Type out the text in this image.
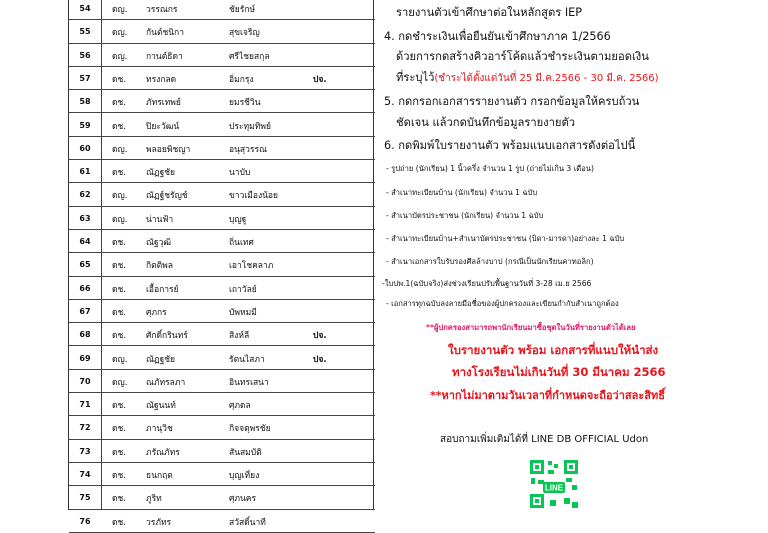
54	ดญ. วรรณกร	ชัยรักษ์
55	ดญ. กันต์ชนิกา	สุขเจริญ
56	ดญ. กานต์ธิดา	ศรีไชยสกุล
57	ดช. ทรงกลด	อิ่มกรุง	ปจ.
58	ดช. ภัทรเทพย์	ยมรชีวิน
59	ดช. ปิยะวัฒน์	ประทุมทิพย์
60	ดญ. พลอยพิชญา	อนุสุวรรณ
61	ดช. ณัฏฐชัย	นาบับ
62	ดญ. ณัฏฐ์ชรัญช์	ขาวเมืองน้อย
63	ดญ. น่านฟ้า	บุญฐู
64	ดช. ณัฐวุฒิ	ถิ่นเทศ
65	ดช. กิตติพล	เอาโชคลาภ
66	ดช. เอื้อการย์	เถาวัลย์
67	ดช. ศุภกร	บัพหมมี
68	ดช. ศักดิ์กรินทร์	สิงห์ลี	ปจ.
69	ดญ. ณัฏฐชัย	รัตนไสภา	ปจ.
70	ดญ. ณภัทรลภา	อินทรเสนา
71	ดช. ณัฐนนท์	ศุภดล
72	ดช. ภานุวิช	กิจจตุพรชัย
73	ดช. ภรัณภัทร	สันสมบัติ
74	ดช. ธนกฤต	บุญเที่ยง
75	ดช. ภูริท	ศุภนคร
76	ดช. วรภัทร	สวัสดิ์นาที
รายงานตัวเข้าศึกษาต่อในหลักสูตร IEP
4. กดชำระเงินเพื่อยืนยันเข้าศึกษาภาค 1/2566
ด้วยการกดสร้างคิวอาร์โค้ดแล้วชำระเงินตามยอดเงิน
ที่ระบุไว้(ชำระได้ตั้งแต่วันที่ 25 มี.ค.2566 - 30 มี.ค. 2566)
5. กดกรอกเอกสารรายงานตัว กรอกข้อมูลให้ครบถ้วน
ชัดเจน แล้วกดบันทึกข้อมูลรายงายตัว
6. กดพิมพ์ใบรายงานตัว พร้อมแนบเอกสารดังต่อไปนี้
- รูปถ่าย (นักเรียน) 1 นิ้วครึ่ง จำนวน 1 รูป (ถ่ายไม่เกิน 3 เดือน)
- สำเนาทะเบียนบ้าน (นักเรียน) จำนวน 1 ฉบับ
- สำเนาบัตรประชาชน (นักเรียน) จำนวน 1 ฉบับ
- สำเนาทะเบียนบ้าน+สำเนาบัตรประชาชน (บิดา-มารดา)อย่างละ 1 ฉบับ
- สำเนาเอกสารใบรับรองศีลล้างบาป (กรณีเป็นนักเรียนคาทอลิก)
-ใบปพ.1(ฉบับจริง)ส่งช่วงเรียนปรับพื้นฐานวันที่ 3-28 เม.ย 2566
- เอกสารทุกฉบับลงลายมือชื่อของผู้ปกครองและเขียนกำกับสำเนาถูกต้อง
**ผู้ปกครองสามารถพานักเรียนมาซื้อชุดในวันที่รายงานตัวได้เลย
ใบรายงานตัว พร้อม เอกสารที่แนบให้นำส่ง
ทางโรงเรียนไม่เกินวันที่ 30 มีนาคม 2566
**หากไม่มาตามวันเวลาที่กำหนดจะถือว่าสละสิทธิ์
สอบถามเพิ่มเติมได้ที่ LINE DB OFFICIAL Udon
LINE
